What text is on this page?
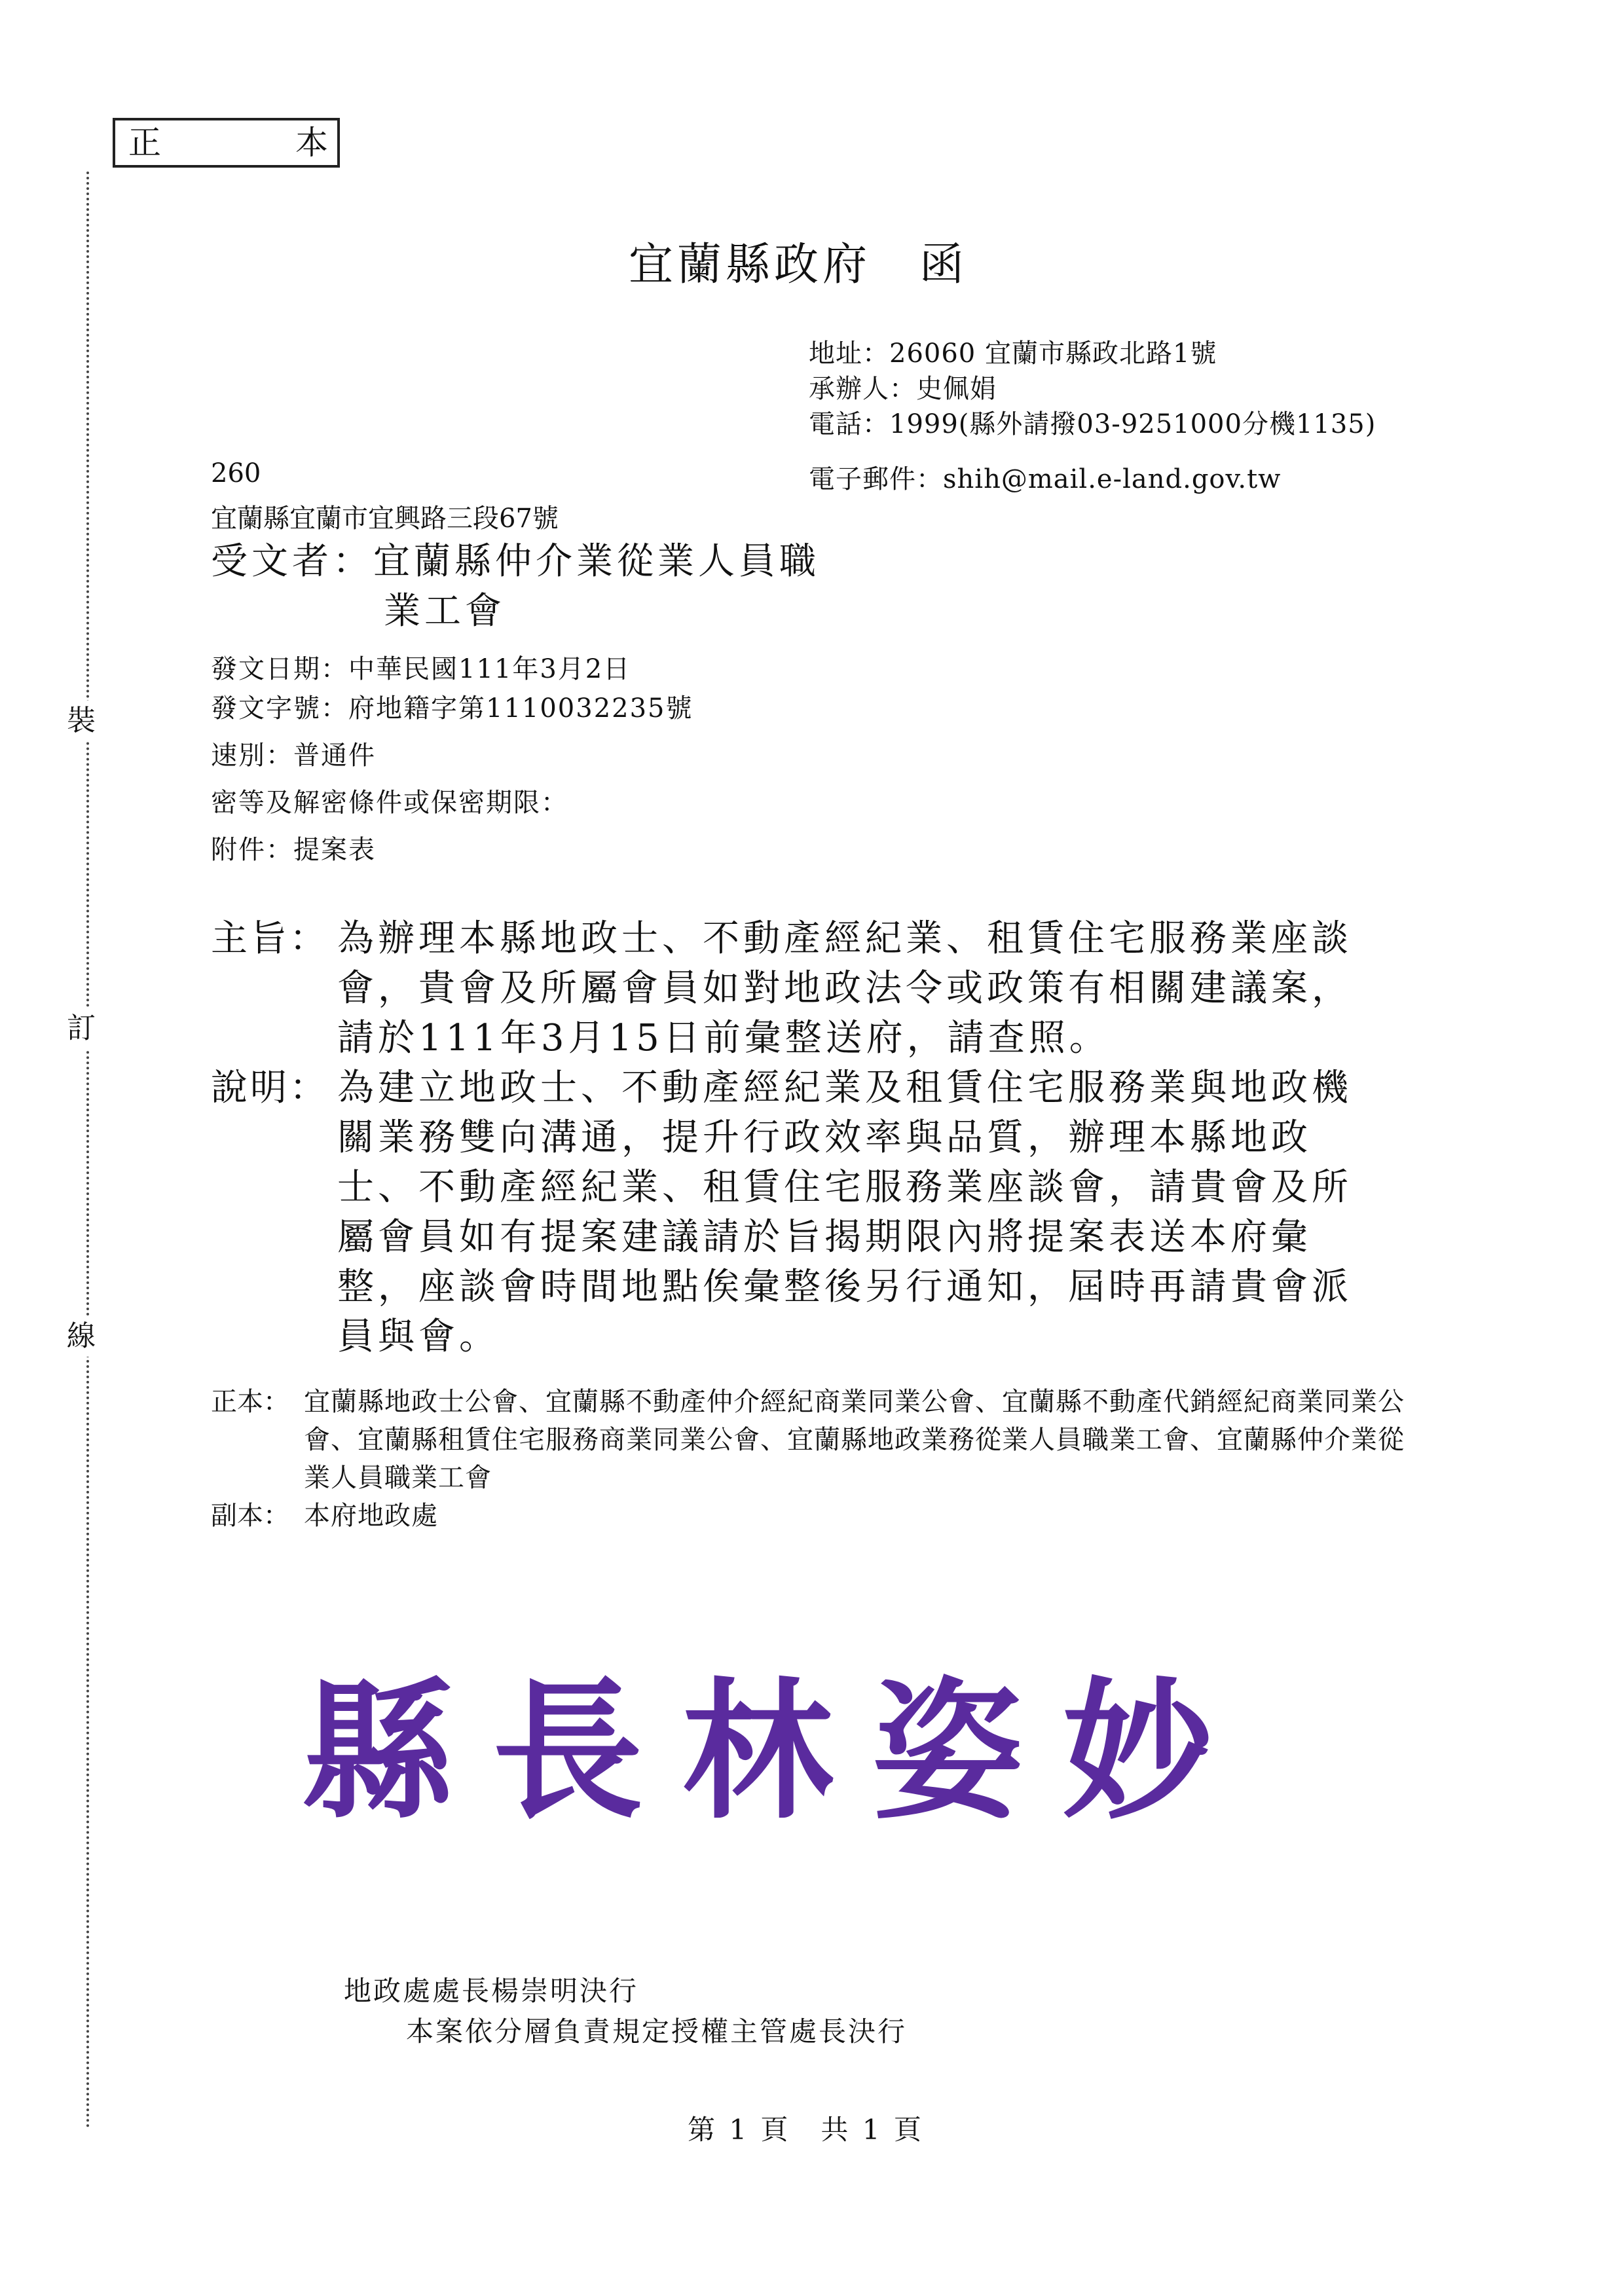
正	本
裝
訂
線
宜蘭縣政府　函
地址：26060 宜蘭市縣政北路1號
承辦人：史佩娟
電話：1999(縣外請撥03-9251000分機1135)
電子郵件：shih@mail.e-land.gov.tw
260
宜蘭縣宜蘭市宜興路三段67號
受文者：宜蘭縣仲介業從業人員職
業工會
發文日期：中華民國111年3月2日
發文字號：府地籍字第1110032235號
速別：普通件
密等及解密條件或保密期限：
附件：提案表
主旨： 為辦理本縣地政士、不動產經紀業、租賃住宅服務業座談會，貴會及所屬會員如對地政法令或政策有相關建議案，請於111年3月15日前彙整送府，請查照。
說明： 為建立地政士、不動產經紀業及租賃住宅服務業與地政機關業務雙向溝通，提升行政效率與品質，辦理本縣地政士、不動產經紀業、租賃住宅服務業座談會，請貴會及所屬會員如有提案建議請於旨揭期限內將提案表送本府彙整，座談會時間地點俟彙整後另行通知，屆時再請貴會派員與會。
正本： 宜蘭縣地政士公會、宜蘭縣不動產仲介經紀商業同業公會、宜蘭縣不動產代銷經紀商業同業公會、宜蘭縣租賃住宅服務商業同業公會、宜蘭縣地政業務從業人員職業工會、宜蘭縣仲介業從業人員職業工會
副本： 本府地政處
縣長林姿妙
地政處處長楊崇明決行
本案依分層負責規定授權主管處長決行
第 1 頁　共 1 頁
